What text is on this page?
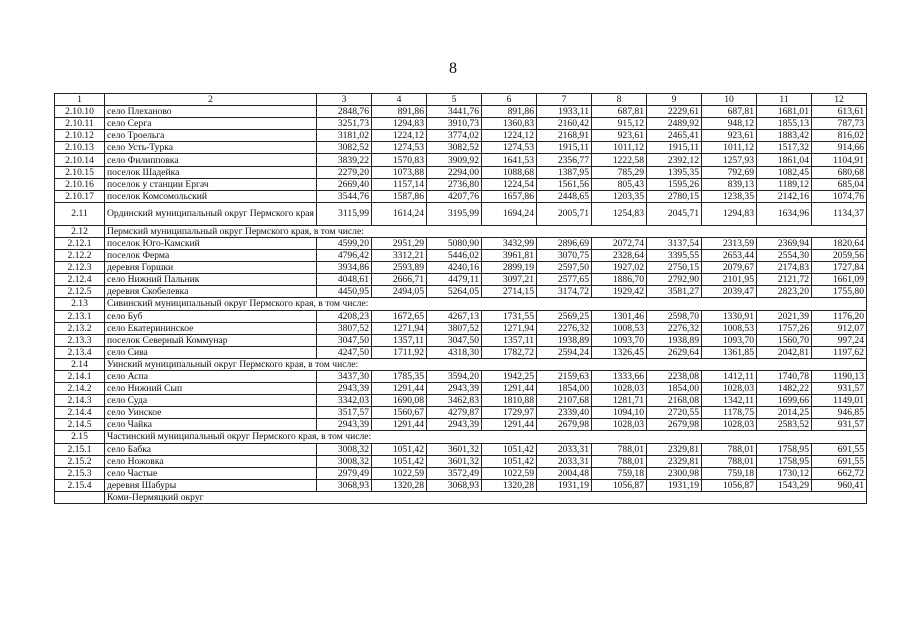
8
1	2	3	4	5	6	7	8	9	10	11	12
2.10.10	село Плеханово	2848,76	891,86	3441,76	891,86	1933,11	687,81	2229,61	687,81	1681,01	613,61
2.10.11	село Серга	3251,73	1294,83	3910,73	1360,83	2160,42	915,12	2489,92	948,12	1855,13	787,73
2.10.12	село Троельга	3181,02	1224,12	3774,02	1224,12	2168,91	923,61	2465,41	923,61	1883,42	816,02
2.10.13	село Усть-Турка	3082,52	1274,53	3082,52	1274,53	1915,11	1011,12	1915,11	1011,12	1517,32	914,66
2.10.14	село Филипповка	3839,22	1570,83	3909,92	1641,53	2356,77	1222,58	2392,12	1257,93	1861,04	1104,91
2.10.15	поселок Шадейка	2279,20	1073,88	2294,00	1088,68	1387,95	785,29	1395,35	792,69	1082,45	680,68
2.10.16	поселок у станции Ергач	2669,40	1157,14	2736,80	1224,54	1561,56	805,43	1595,26	839,13	1189,12	685,04
2.10.17	поселок Комсомольский	3544,76	1587,86	4207,76	1657,86	2448,65	1203,35	2780,15	1238,35	2142,16	1074,76
2.11	Ординский муниципальный округ Пермского края	3115,99	1614,24	3195,99	1694,24	2005,71	1254,83	2045,71	1294,83	1634,96	1134,37
2.12	Пермский муниципальный округ Пермского края, в том числе:										
2.12.1	поселок Юго-Камский	4599,20	2951,29	5080,90	3432,99	2896,69	2072,74	3137,54	2313,59	2369,94	1820,64
2.12.2	поселок Ферма	4796,42	3312,21	5446,02	3961,81	3070,75	2328,64	3395,55	2653,44	2554,30	2059,56
2.12.3	деревня Горшки	3934,86	2593,89	4240,16	2899,19	2597,50	1927,02	2750,15	2079,67	2174,83	1727,84
2.12.4	село Нижний Пальник	4048,61	2666,71	4479,11	3097,21	2577,65	1886,70	2792,90	2101,95	2121,72	1661,09
2.12.5	деревня Скобелевка	4450,95	2494,05	5264,05	2714,15	3174,72	1929,42	3581,27	2039,47	2823,20	1755,80
2.13	Сивинский муниципальный округ Пермского края, в том числе:										
2.13.1	село Буб	4208,23	1672,65	4267,13	1731,55	2569,25	1301,46	2598,70	1330,91	2021,39	1176,20
2.13.2	село Екатерининское	3807,52	1271,94	3807,52	1271,94	2276,32	1008,53	2276,32	1008,53	1757,26	912,07
2.13.3	поселок Северный Коммунар	3047,50	1357,11	3047,50	1357,11	1938,89	1093,70	1938,89	1093,70	1560,70	997,24
2.13.4	село Сива	4247,50	1711,92	4318,30	1782,72	2594,24	1326,45	2629,64	1361,85	2042,81	1197,62
2.14	Уинский муниципальный округ Пермского края, в том числе:										
2.14.1	село Аспа	3437,30	1785,35	3594,20	1942,25	2159,63	1333,66	2238,08	1412,11	1740,78	1190,13
2.14.2	село Нижний Сып	2943,39	1291,44	2943,39	1291,44	1854,00	1028,03	1854,00	1028,03	1482,22	931,57
2.14.3	село Суда	3342,03	1690,08	3462,83	1810,88	2107,68	1281,71	2168,08	1342,11	1699,66	1149,01
2.14.4	село Уинское	3517,57	1560,67	4279,87	1729,97	2339,40	1094,10	2720,55	1178,75	2014,25	946,85
2.14.5	село Чайка	2943,39	1291,44	2943,39	1291,44	2679,98	1028,03	2679,98	1028,03	2583,52	931,57
2.15	Частинский муниципальный округ Пермского края, в том числе:										
2.15.1	село Бабка	3008,32	1051,42	3601,32	1051,42	2033,31	788,01	2329,81	788,01	1758,95	691,55
2.15.2	село Ножовка	3008,32	1051,42	3601,32	1051,42	2033,31	788,01	2329,81	788,01	1758,95	691,55
2.15.3	село Частые	2979,49	1022,59	3572,49	1022,59	2004,48	759,18	2300,98	759,18	1730,12	662,72
2.15.4	деревня Шабуры	3068,93	1320,28	3068,93	1320,28	1931,19	1056,87	1931,19	1056,87	1543,29	960,41
	Коми-Пермяцкий округ										
